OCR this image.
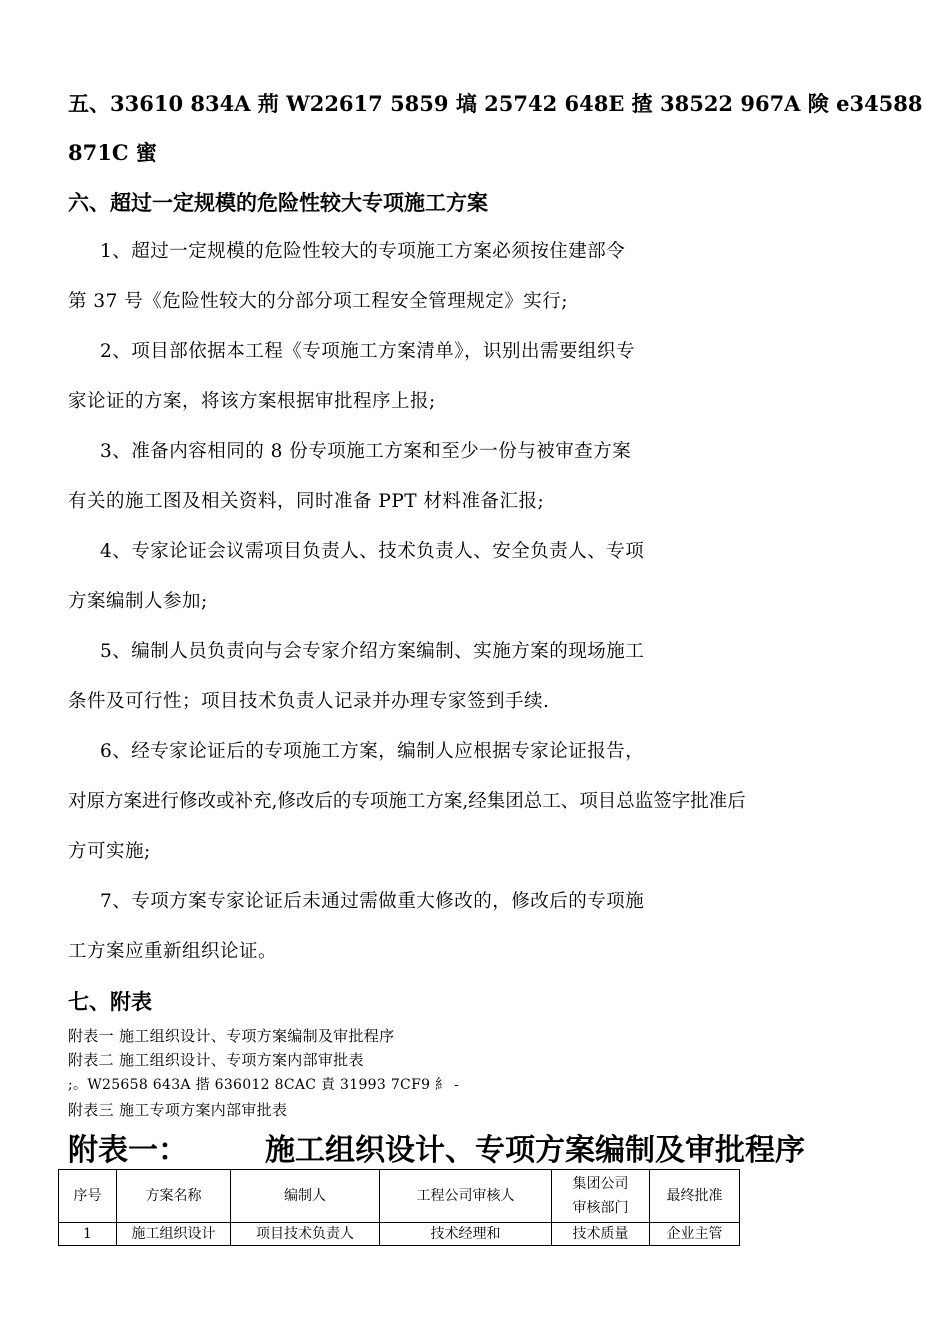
五、33610 834A 荊 W22617 5859 塙 25742 648E 揸 38522 967A 険 e34588
871C 蜜
六、超过一定规模的危险性较大专项施工方案
1、超过一定规模的危险性较大的专项施工方案必须按住建部令
第 37 号《危险性较大的分部分项工程安全管理规定》实行;
2、项目部依据本工程《专项施工方案清单》，识别出需要组织专
家论证的方案，将该方案根据审批程序上报;
3、准备内容相同的 8 份专项施工方案和至少一份与被审查方案
有关的施工图及相关资料，同时准备 PPT 材料准备汇报;
4、专家论证会议需项目负责人、技术负责人、安全负责人、专项
方案编制人参加;
5、编制人员负责向与会专家介绍方案编制、实施方案的现场施工
条件及可行性；项目技术负责人记录并办理专家签到手续.
6、经专家论证后的专项施工方案，编制人应根据专家论证报告，
对原方案进行修改或补充,修改后的专项施工方案,经集团总工、项目总监签字批准后
方可实施;
7、专项方案专家论证后未通过需做重大修改的，修改后的专项施
工方案应重新组织论证。
七、附表
附表一 施工组织设计、专项方案编制及审批程序
附表二 施工组织设计、专项方案内部审批表
;。W25658 643A 揩 636012 8CAC 責 31993 7CF9 糹 -
附表三 施工专项方案内部审批表
附表一：	施工组织设计、专项方案编制及审批程序
序号	方案名称	编制人	工程公司审核人	集团公司审核部门	最终批准
1	施工组织设计	项目技术负责人	技术经理和	技术质量	企业主管
